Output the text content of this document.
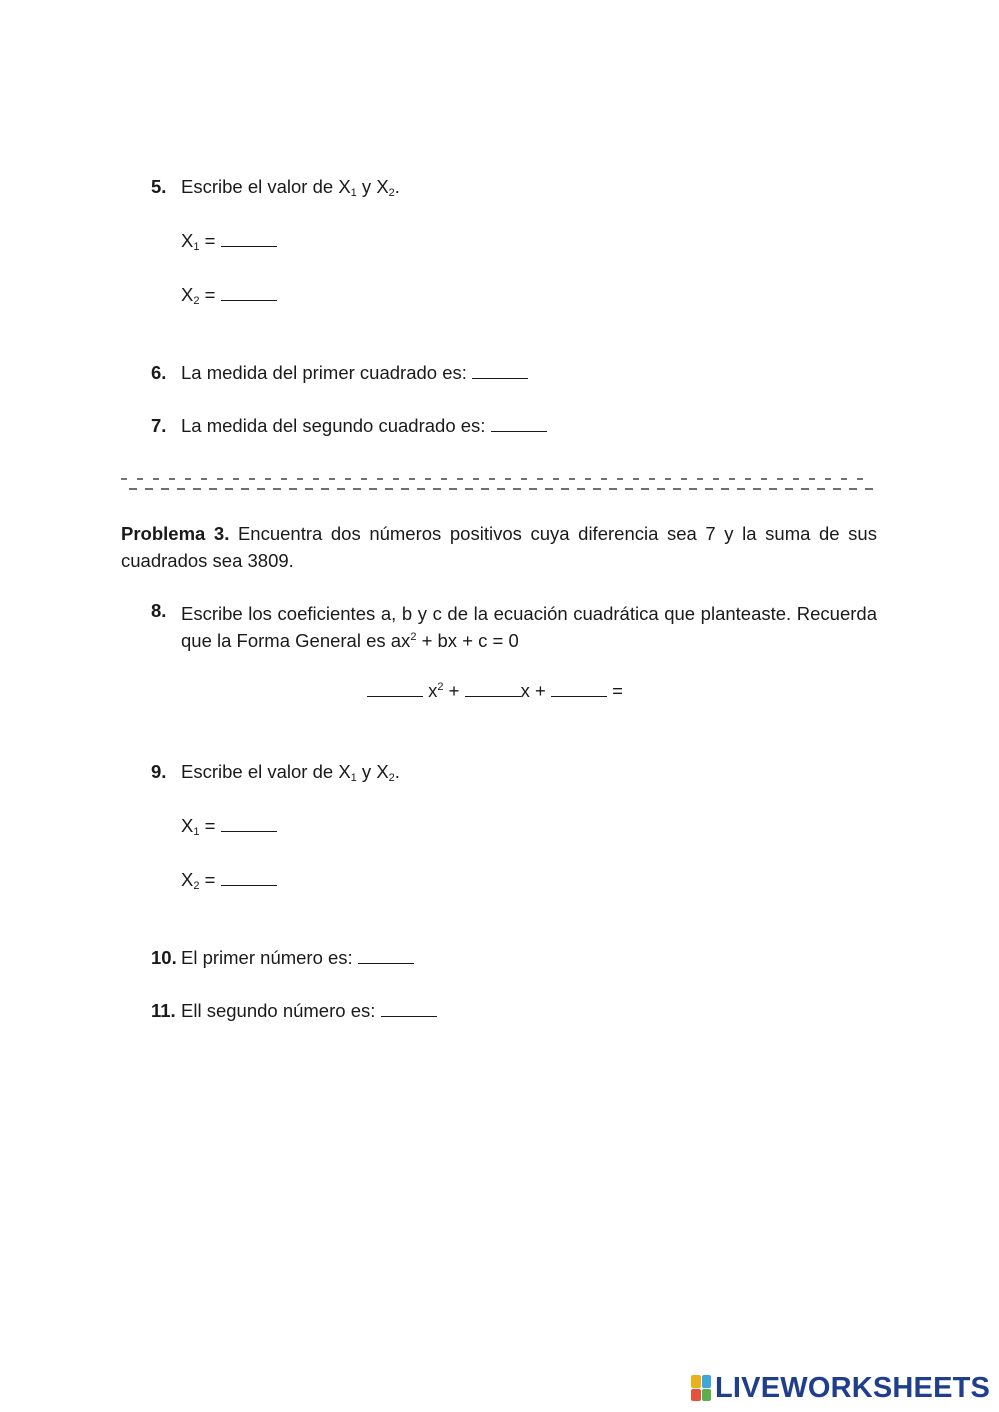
5. Escribe el valor de $X_1$ y $X_2$.
$X_1$ =
$X_2$ =
6. La medida del primer cuadrado es:
7. La medida del segundo cuadrado es:
Problema 3. Encuentra dos números positivos cuya diferencia sea 7 y la suma de sus cuadrados sea 3809.
8. Escribe los coeficientes a, b y c de la ecuación cuadrática que planteaste. Recuerda que la Forma General es $ax^2$ + bx + c = 0
$x^2$ +	x +	=
9. Escribe el valor de $X_1$ y $X_2$.
$X_1$ =
$X_2$ =
10. El primer número es:
11. Ell segundo número es:
LIVEWORKSHEETS
